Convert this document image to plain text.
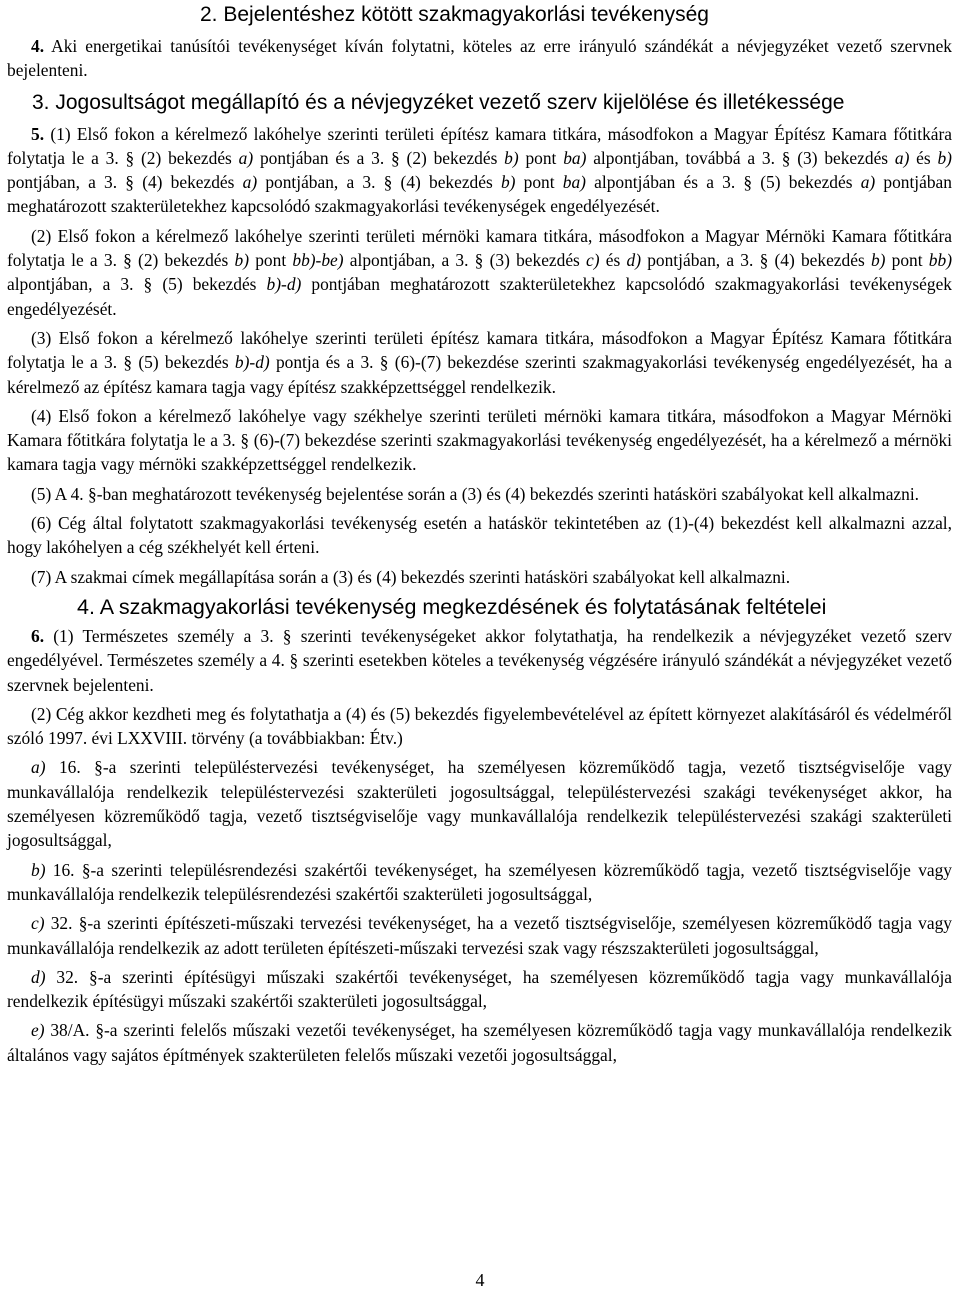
2. Bejelentéshez kötött szakmagyakorlási tevékenység

4. Aki energetikai tanúsítói tevékenységet kíván folytatni, köteles az erre irányuló szándékát a névjegyzéket vezető szervnek bejelenteni.

3. Jogosultságot megállapító és a névjegyzéket vezető szerv kijelölése és illetékessége

5. (1) Első fokon a kérelmező lakóhelye szerinti területi építész kamara titkára, másodfokon a Magyar Építész Kamara főtitkára folytatja le a 3. § (2) bekezdés a) pontjában és a 3. § (2) bekezdés b) pont ba) alpontjában, továbbá a 3. § (3) bekezdés a) és b) pontjában, a 3. § (4) bekezdés a) pontjában, a 3. § (4) bekezdés b) pont ba) alpontjában és a 3. § (5) bekezdés a) pontjában meghatározott szakterületekhez kapcsolódó szakmagyakorlási tevékenységek engedélyezését.

(2) Első fokon a kérelmező lakóhelye szerinti területi mérnöki kamara titkára, másodfokon a Magyar Mérnöki Kamara főtitkára folytatja le a 3. § (2) bekezdés b) pont bb)-be) alpontjában, a 3. § (3) bekezdés c) és d) pontjában, a 3. § (4) bekezdés b) pont bb) alpontjában, a 3. § (5) bekezdés b)-d) pontjában meghatározott szakterületekhez kapcsolódó szakmagyakorlási tevékenységek engedélyezését.

(3) Első fokon a kérelmező lakóhelye szerinti területi építész kamara titkára, másodfokon a Magyar Építész Kamara főtitkára folytatja le a 3. § (5) bekezdés b)-d) pontja és a 3. § (6)-(7) bekezdése szerinti szakmagyakorlási tevékenység engedélyezését, ha a kérelmező az építész kamara tagja vagy építész szakképzettséggel rendelkezik.

(4) Első fokon a kérelmező lakóhelye vagy székhelye szerinti területi mérnöki kamara titkára, másodfokon a Magyar Mérnöki Kamara főtitkára folytatja le a 3. § (6)-(7) bekezdése szerinti szakmagyakorlási tevékenység engedélyezését, ha a kérelmező a mérnöki kamara tagja vagy mérnöki szakképzettséggel rendelkezik.

(5) A 4. §-ban meghatározott tevékenység bejelentése során a (3) és (4) bekezdés szerinti hatásköri szabályokat kell alkalmazni.

(6) Cég által folytatott szakmagyakorlási tevékenység esetén a hatáskör tekintetében az (1)-(4) bekezdést kell alkalmazni azzal, hogy lakóhelyen a cég székhelyét kell érteni.

(7) A szakmai címek megállapítása során a (3) és (4) bekezdés szerinti hatásköri szabályokat kell alkalmazni.

4. A szakmagyakorlási tevékenység megkezdésének és folytatásának feltételei

6. (1) Természetes személy a 3. § szerinti tevékenységeket akkor folytathatja, ha rendelkezik a névjegyzéket vezető szerv engedélyével. Természetes személy a 4. § szerinti esetekben köteles a tevékenység végzésére irányuló szándékát a névjegyzéket vezető szervnek bejelenteni.

(2) Cég akkor kezdheti meg és folytathatja a (4) és (5) bekezdés figyelembevételével az épített környezet alakításáról és védelméről szóló 1997. évi LXXVIII. törvény (a továbbiakban: Étv.)

a) 16. §-a szerinti településtervezési tevékenységet, ha személyesen közreműködő tagja, vezető tisztségviselője vagy munkavállalója rendelkezik településtervezési szakterületi jogosultsággal, településtervezési szakági tevékenységet akkor, ha személyesen közreműködő tagja, vezető tisztségviselője vagy munkavállalója rendelkezik településtervezési szakági szakterületi jogosultsággal,

b) 16. §-a szerinti településrendezési szakértői tevékenységet, ha személyesen közreműködő tagja, vezető tisztségviselője vagy munkavállalója rendelkezik településrendezési szakértői szakterületi jogosultsággal,

c) 32. §-a szerinti építészeti-műszaki tervezési tevékenységet, ha a vezető tisztségviselője, személyesen közreműködő tagja vagy munkavállalója rendelkezik az adott területen építészeti-műszaki tervezési szak vagy részszakterületi jogosultsággal,

d) 32. §-a szerinti építésügyi műszaki szakértői tevékenységet, ha személyesen közreműködő tagja vagy munkavállalója rendelkezik építésügyi műszaki szakértői szakterületi jogosultsággal,

e) 38/A. §-a szerinti felelős műszaki vezetői tevékenységet, ha személyesen közreműködő tagja vagy munkavállalója rendelkezik általános vagy sajátos építmények szakterületen felelős műszaki vezetői jogosultsággal,

4
